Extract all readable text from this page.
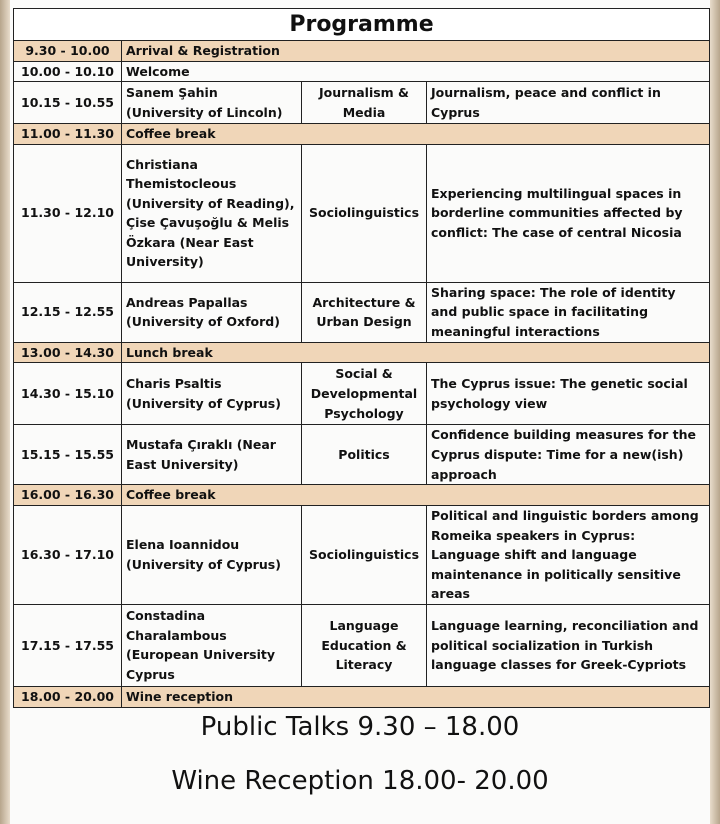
Programme			
9.30 - 10.00	Arrival & Registration		
10.00 - 10.10	Welcome		
10.15 - 10.55	Sanem Şahin (University of Lincoln)	Journalism & Media	Journalism, peace and conflict in Cyprus
11.00 - 11.30	Coffee break		
11.30 - 12.10	Christiana Themistocleous (University of Reading), Çise Çavuşoğlu & Melis Özkara (Near East University)	Sociolinguistics	Experiencing multilingual spaces in borderline communities affected by conflict: The case of central Nicosia
12.15 - 12.55	Andreas Papallas (University of Oxford)	Architecture & Urban Design	Sharing space: The role of identity and public space in facilitating meaningful interactions
13.00 - 14.30	Lunch break		
14.30 - 15.10	Charis Psaltis (University of Cyprus)	Social & Developmental Psychology	The Cyprus issue: The genetic social psychology view
15.15 - 15.55	Mustafa Çıraklı (Near East University)	Politics	Confidence building measures for the Cyprus dispute: Time for a new(ish) approach
16.00 - 16.30	Coffee break		
16.30 - 17.10	Elena Ioannidou (University of Cyprus)	Sociolinguistics	Political and linguistic borders among Romeika speakers in Cyprus: Language shift and language maintenance in politically sensitive areas
17.15 - 17.55	Constadina Charalambous (European University Cyprus	Language Education & Literacy	Language learning, reconciliation and political socialization in Turkish language classes for Greek-Cypriots
18.00 - 20.00	Wine reception		
Public Talks 9.30 – 18.00
Wine Reception 18.00- 20.00
